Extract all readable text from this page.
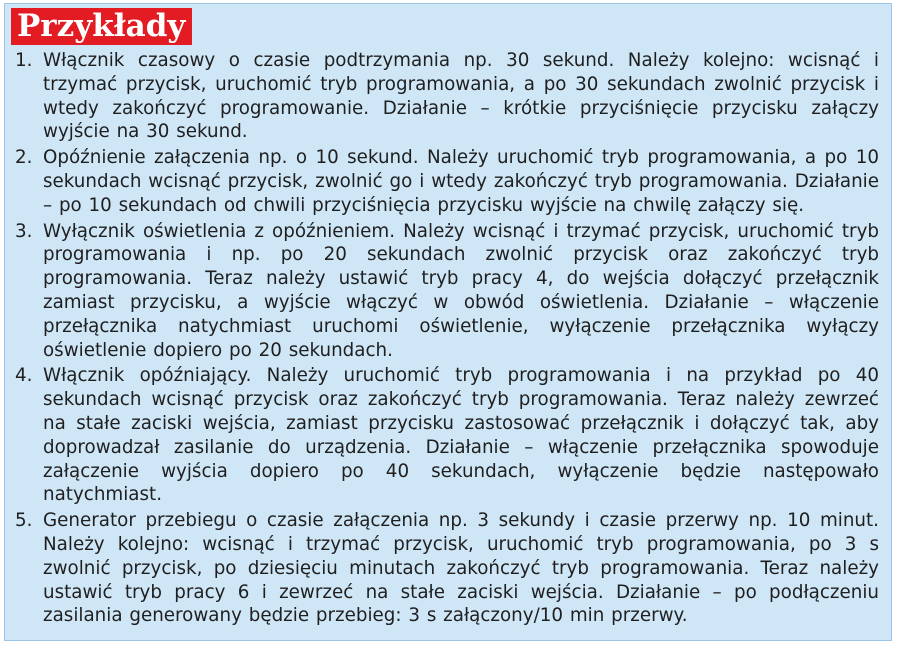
Przykłady
1. Włącznik czasowy o czasie podtrzymania np. 30 sekund. Należy kolejno: wcisnąć i trzymać przycisk, uruchomić tryb programowania, a po 30 sekundach zwolnić przycisk i wtedy zakończyć programowanie. Działanie – krótkie przyciśnięcie przycisku załączy wyjście na 30 sekund.
2. Opóźnienie załączenia np. o 10 sekund. Należy uruchomić tryb programowania, a po 10 sekundach wcisnąć przycisk, zwolnić go i wtedy zakończyć tryb programowania. Działanie – po 10 sekundach od chwili przyciśnięcia przycisku wyjście na chwilę załączy się.
3. Wyłącznik oświetlenia z opóźnieniem. Należy wcisnąć i trzymać przycisk, uruchomić tryb programowania i np. po 20 sekundach zwolnić przycisk oraz zakończyć tryb programowania. Teraz należy ustawić tryb pracy 4, do wejścia dołączyć przełącznik zamiast przycisku, a wyjście włączyć w obwód oświetlenia. Działanie – włączenie przełącznika natychmiast uruchomi oświetlenie, wyłączenie przełącznika wyłączy oświetlenie dopiero po 20 sekundach.
4. Włącznik opóźniający. Należy uruchomić tryb programowania i na przykład po 40 sekundach wcisnąć przycisk oraz zakończyć tryb programowania. Teraz należy zewrzeć na stałe zaciski wejścia, zamiast przycisku zastosować przełącznik i dołączyć tak, aby doprowadzał zasilanie do urządzenia. Działanie – włączenie przełącznika spowoduje załączenie wyjścia dopiero po 40 sekundach, wyłączenie będzie następowało natychmiast.
5. Generator przebiegu o czasie załączenia np. 3 sekundy i czasie przerwy np. 10 minut. Należy kolejno: wcisnąć i trzymać przycisk, uruchomić tryb programowania, po 3 s zwolnić przycisk, po dziesięciu minutach zakończyć tryb programowania. Teraz należy ustawić tryb pracy 6 i zewrzeć na stałe zaciski wejścia. Działanie – po podłączeniu zasilania generowany będzie przebieg: 3 s załączony/10 min przerwy.
